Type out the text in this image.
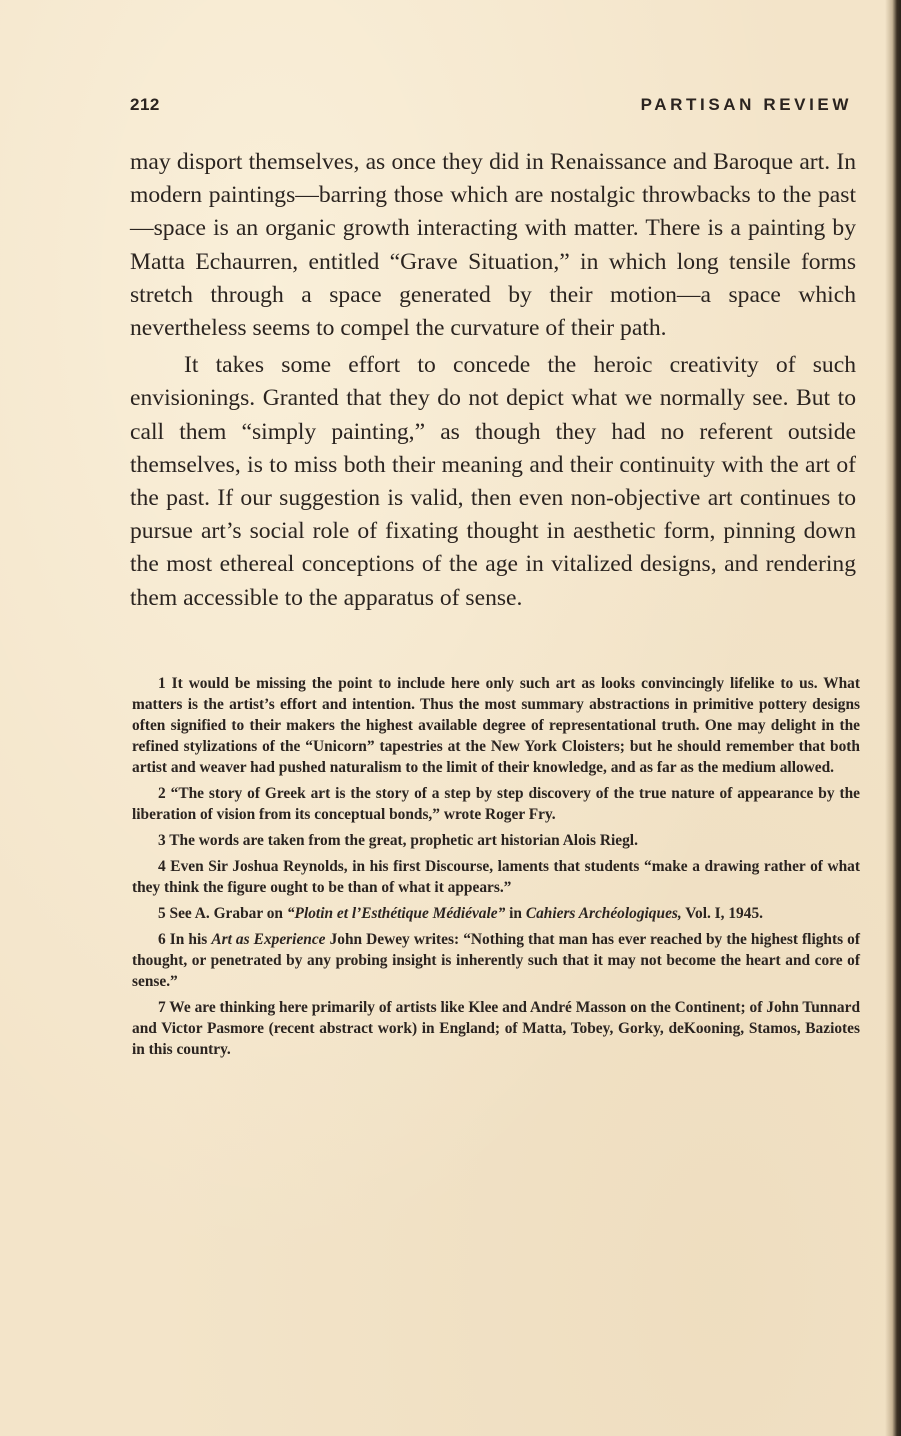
212	PARTISAN REVIEW

may disport themselves, as once they did in Renaissance and Baroque art. In modern paintings—barring those which are nostalgic throwbacks to the past—space is an organic growth interacting with matter. There is a painting by Matta Echaurren, entitled “Grave Situation,” in which long tensile forms stretch through a space generated by their motion—a space which nevertheless seems to compel the curvature of their path.

It takes some effort to concede the heroic creativity of such envisionings. Granted that they do not depict what we normally see. But to call them “simply painting,” as though they had no referent outside themselves, is to miss both their meaning and their continuity with the art of the past. If our suggestion is valid, then even non-objective art continues to pursue art’s social role of fixating thought in aesthetic form, pinning down the most ethereal conceptions of the age in vitalized designs, and rendering them accessible to the apparatus of sense.

1 It would be missing the point to include here only such art as looks convincingly lifelike to us. What matters is the artist’s effort and intention. Thus the most summary abstractions in primitive pottery designs often signified to their makers the highest available degree of representational truth. One may delight in the refined stylizations of the “Unicorn” tapestries at the New York Cloisters; but he should remember that both artist and weaver had pushed naturalism to the limit of their knowledge, and as far as the medium allowed.

2 “The story of Greek art is the story of a step by step discovery of the true nature of appearance by the liberation of vision from its conceptual bonds,” wrote Roger Fry.

3 The words are taken from the great, prophetic art historian Alois Riegl.

4 Even Sir Joshua Reynolds, in his first Discourse, laments that students “make a drawing rather of what they think the figure ought to be than of what it appears.”

5 See A. Grabar on “Plotin et l’Esthétique Médiévale” in Cahiers Archéologiques, Vol. I, 1945.

6 In his Art as Experience John Dewey writes: “Nothing that man has ever reached by the highest flights of thought, or penetrated by any probing insight is inherently such that it may not become the heart and core of sense.”

7 We are thinking here primarily of artists like Klee and André Masson on the Continent; of John Tunnard and Victor Pasmore (recent abstract work) in England; of Matta, Tobey, Gorky, deKooning, Stamos, Baziotes in this country.
